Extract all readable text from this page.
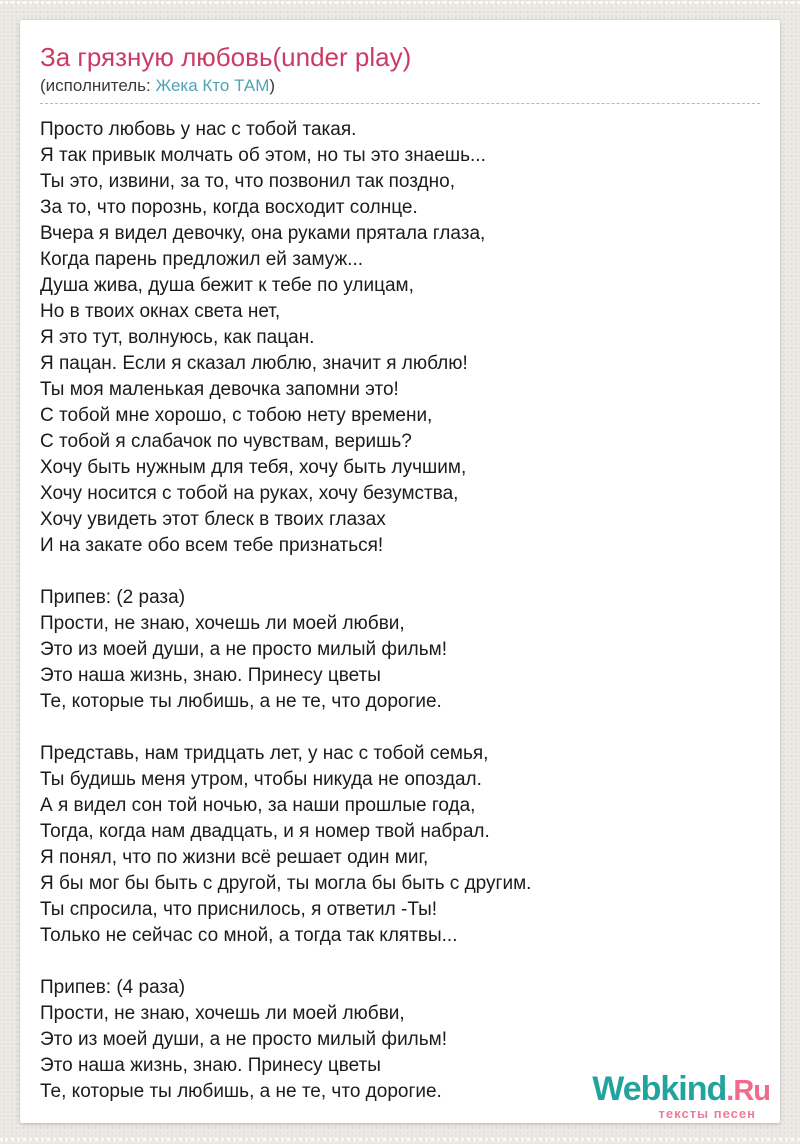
За грязную любовь(under play)
(исполнитель: Жека Кто ТАМ)
Просто любовь у нас с тобой такая.
Я так привык молчать об этом, но ты это знаешь...
Ты это, извини, за то, что позвонил так поздно,
За то, что порознь, когда восходит солнце.
Вчера я видел девочку, она руками прятала глаза,
Когда парень предложил ей замуж...
Душа жива, душа бежит к тебе по улицам,
Но в твоих окнах света нет,
Я это тут, волнуюсь, как пацан.
Я пацан. Если я сказал люблю, значит я люблю!
Ты моя маленькая девочка запомни это!
С тобой мне хорошо, с тобою нету времени,
С тобой я слабачок по чувствам, веришь?
Хочу быть нужным для тебя, хочу быть лучшим,
Хочу носится с тобой на руках, хочу безумства,
Хочу увидеть этот блеск в твоих глазах
И на закате обо всем тебе признаться!
Припев: (2 раза)
Прости, не знаю, хочешь ли моей любви,
Это из моей души, а не просто милый фильм!
Это наша жизнь, знаю. Принесу цветы
Те, которые ты любишь, а не те, что дорогие.
Представь, нам тридцать лет, у нас с тобой семья,
Ты будишь меня утром, чтобы никуда не опоздал.
А я видел сон той ночью, за наши прошлые года,
Тогда, когда нам двадцать, и я номер твой набрал.
Я понял, что по жизни всё решает один миг,
Я бы мог бы быть с другой, ты могла бы быть с другим.
Ты спросила, что приснилось, я ответил -Ты!
Только не сейчас со мной, а тогда так клятвы...
Припев: (4 раза)
Прости, не знаю, хочешь ли моей любви,
Это из моей души, а не просто милый фильм!
Это наша жизнь, знаю. Принесу цветы
Те, которые ты любишь, а не те, что дорогие.	Webkind.Ru
тексты песен
